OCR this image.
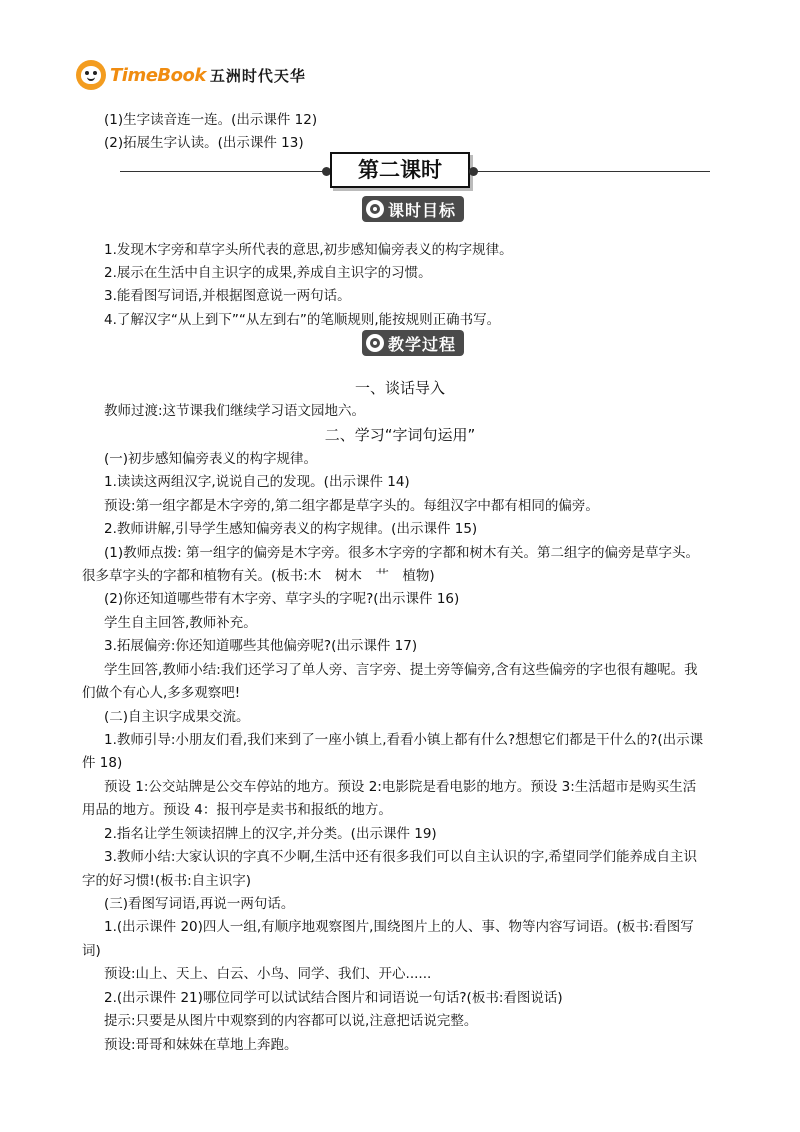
TimeBook 五洲时代天华
(1)生字读音连一连。(出示课件 12)
(2)拓展生字认读。(出示课件 13)
第二课时
课时目标
1.发现木字旁和草字头所代表的意思,初步感知偏旁表义的构字规律。
2.展示在生活中自主识字的成果,养成自主识字的习惯。
3.能看图写词语,并根据图意说一两句话。
4.了解汉字“从上到下”“从左到右”的笔顺规则,能按规则正确书写。
教学过程
一、谈话导入
教师过渡:这节课我们继续学习语文园地六。
二、学习“字词句运用”
(一)初步感知偏旁表义的构字规律。
1.读读这两组汉字,说说自己的发现。(出示课件 14)
预设:第一组字都是木字旁的,第二组字都是草字头的。每组汉字中都有相同的偏旁。
2.教师讲解,引导学生感知偏旁表义的构字规律。(出示课件 15)
(1)教师点拨: 第一组字的偏旁是木字旁。很多木字旁的字都和树木有关。第二组字的偏旁是草字头。
很多草字头的字都和植物有关。(板书:木　树木　艹　植物)
(2)你还知道哪些带有木字旁、草字头的字呢?(出示课件 16)
学生自主回答,教师补充。
3.拓展偏旁:你还知道哪些其他偏旁呢?(出示课件 17)
学生回答,教师小结:我们还学习了单人旁、言字旁、提土旁等偏旁,含有这些偏旁的字也很有趣呢。我
们做个有心人,多多观察吧!
(二)自主识字成果交流。
1.教师引导:小朋友们看,我们来到了一座小镇上,看看小镇上都有什么?想想它们都是干什么的?(出示课
件 18)
预设 1:公交站牌是公交车停站的地方。预设 2:电影院是看电影的地方。预设 3:生活超市是购买生活
用品的地方。预设 4：报刊亭是卖书和报纸的地方。
2.指名让学生领读招牌上的汉字,并分类。(出示课件 19)
3.教师小结:大家认识的字真不少啊,生活中还有很多我们可以自主认识的字,希望同学们能养成自主识
字的好习惯!(板书:自主识字)
(三)看图写词语,再说一两句话。
1.(出示课件 20)四人一组,有顺序地观察图片,围绕图片上的人、事、物等内容写词语。(板书:看图写
词)
预设:山上、天上、白云、小鸟、同学、我们、开心......
2.(出示课件 21)哪位同学可以试试结合图片和词语说一句话?(板书:看图说话)
提示:只要是从图片中观察到的内容都可以说,注意把话说完整。
预设:哥哥和妹妹在草地上奔跑。
